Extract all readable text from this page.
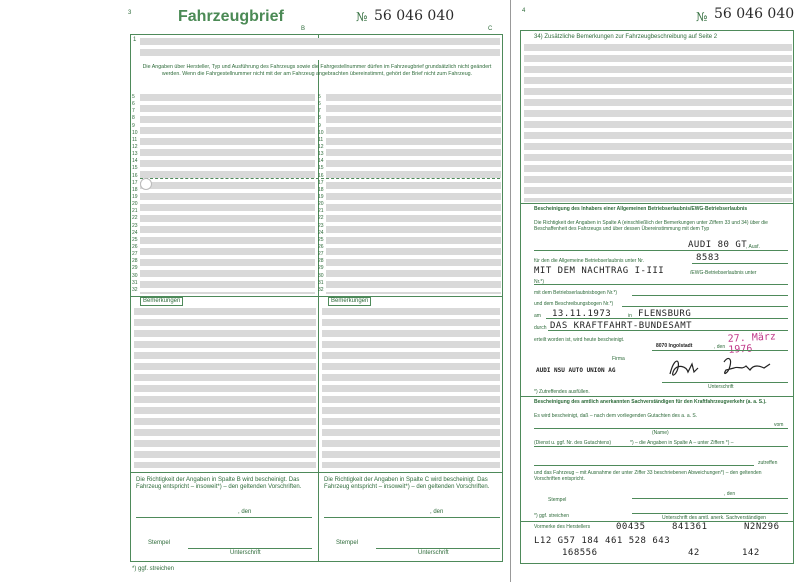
3	Fahrzeugbrief	№ 56 046 040
B	C
1
Die Angaben über Hersteller, Typ und Ausführung des Fahrzeugs sowie die Fahrgestellnummer dürfen im Fahrzeugbrief grundsätzlich nicht geändert werden. Wenn die Fahrgestellnummer nicht mit der am Fahrzeug angebrachten übereinstimmt, gehört der Brief nicht zum Fahrzeug.
Bemerkungen	Bemerkungen
Die Richtigkeit der Angaben in Spalte B wird bescheinigt. Das Fahrzeug entspricht – insoweit*) – den geltenden Vorschriften.
, den
Stempel
Unterschrift
Die Richtigkeit der Angaben in Spalte C wird bescheinigt. Das Fahrzeug entspricht – insoweit*) – den geltenden Vorschriften.
, den
Stempel
Unterschrift
*) ggf. streichen
5
6
7
8
9
10
11
12
13
14
15
16
17
18
19
20
21
22
23
24
25
26
27
28
29
30
31
32
5
6
7
8
9
10
11
12
13
14
15
16
17
18
19
20
21
22
23
24
25
26
27
28
29
30
31
32
4	№ 56 046 040
34) Zusätzliche Bemerkungen zur Fahrzeugbeschreibung auf Seite 2
Bescheinigung des Inhabers einer Allgemeinen Betriebserlaubnis/EWG-Betriebserlaubnis
Die Richtigkeit der Angaben in Spalte A (einschließlich der Bemerkungen unter Ziffern 33 und 34) über die Beschaffenheit des Fahrzeugs und über dessen Übereinstimmung mit dem Typ
AUDI 80 GT
, Ausf.
für den die Allgemeine Betriebserlaubnis unter Nr.	8583
MIT DEM NACHTRAG I-III	/EWG-Betriebserlaubnis unter
Nr.*)
mit dem Betriebserlaubnisbogen Nr.*)
und dem Beschreibungsbogen Nr.*)
am 13.11.1973	in FLENSBURG
durch DAS KRAFTFAHRT-BUNDESAMT
erteilt worden ist, wird heute bescheinigt.
8070 Ingolstadt	, den
27. März 1976
Firma
AUDI NSU AUTO UNION AG
Unterschrift
*) Zutreffendes ausfüllen.
Bescheinigung des amtlich anerkannten Sachverständigen für den Kraftfahrzeugverkehr (a. a. S.).
Es wird bescheinigt, daß – nach dem vorliegenden Gutachten des a. a. S.
vom
(Name)
(Dienst u. ggf. Nr. des Gutachtens)	*) – die Angaben in Spalte A – unter Ziffern *) –
zutreffen
und das Fahrzeug – mit Ausnahme der unter Ziffer 33 beschriebenen Abweichungen*) – den geltenden Vorschriften entspricht.
, den
Stempel
*) ggf. streichen	Unterschrift des amtl. anerk. Sachverständigen
Vormerke des Herstellers	00435	841361	N2N296
L12 G57 184 461 528 643
168556	42	142
